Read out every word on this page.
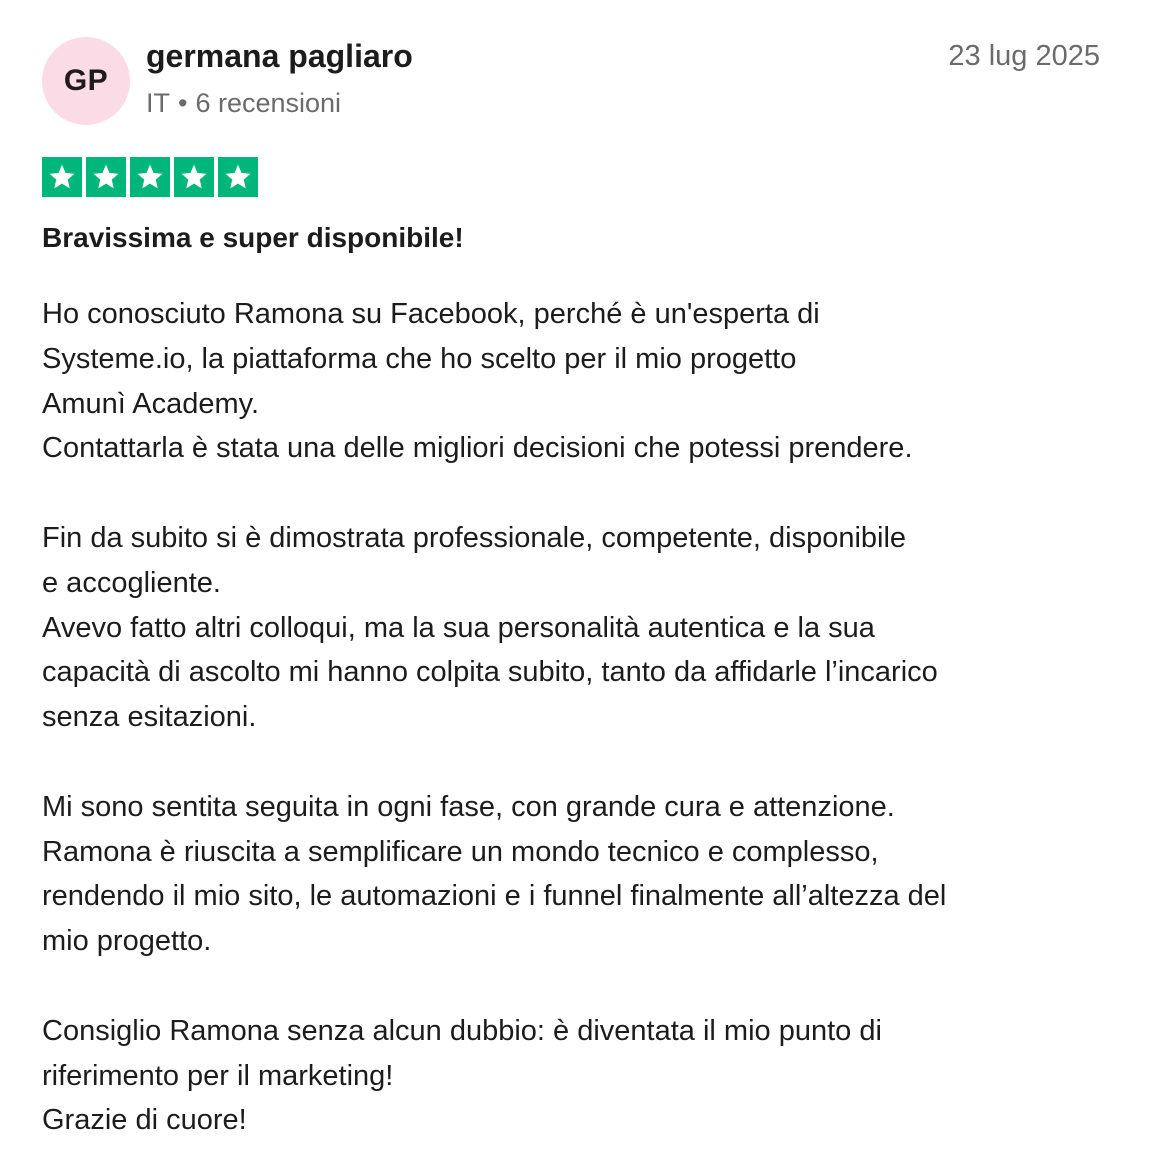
GP
germana pagliaro
IT • 6 recensioni
23 lug 2025
Bravissima e super disponibile!
Ho conosciuto Ramona su Facebook, perché è un'esperta di
Systeme.io, la piattaforma che ho scelto per il mio progetto
Amunì Academy.
Contattarla è stata una delle migliori decisioni che potessi prendere.
Fin da subito si è dimostrata professionale, competente, disponibile
e accogliente.
Avevo fatto altri colloqui, ma la sua personalità autentica e la sua
capacità di ascolto mi hanno colpita subito, tanto da affidarle l’incarico
senza esitazioni.
Mi sono sentita seguita in ogni fase, con grande cura e attenzione.
Ramona è riuscita a semplificare un mondo tecnico e complesso,
rendendo il mio sito, le automazioni e i funnel finalmente all’altezza del
mio progetto.
Consiglio Ramona senza alcun dubbio: è diventata il mio punto di
riferimento per il marketing!
Grazie di cuore!
